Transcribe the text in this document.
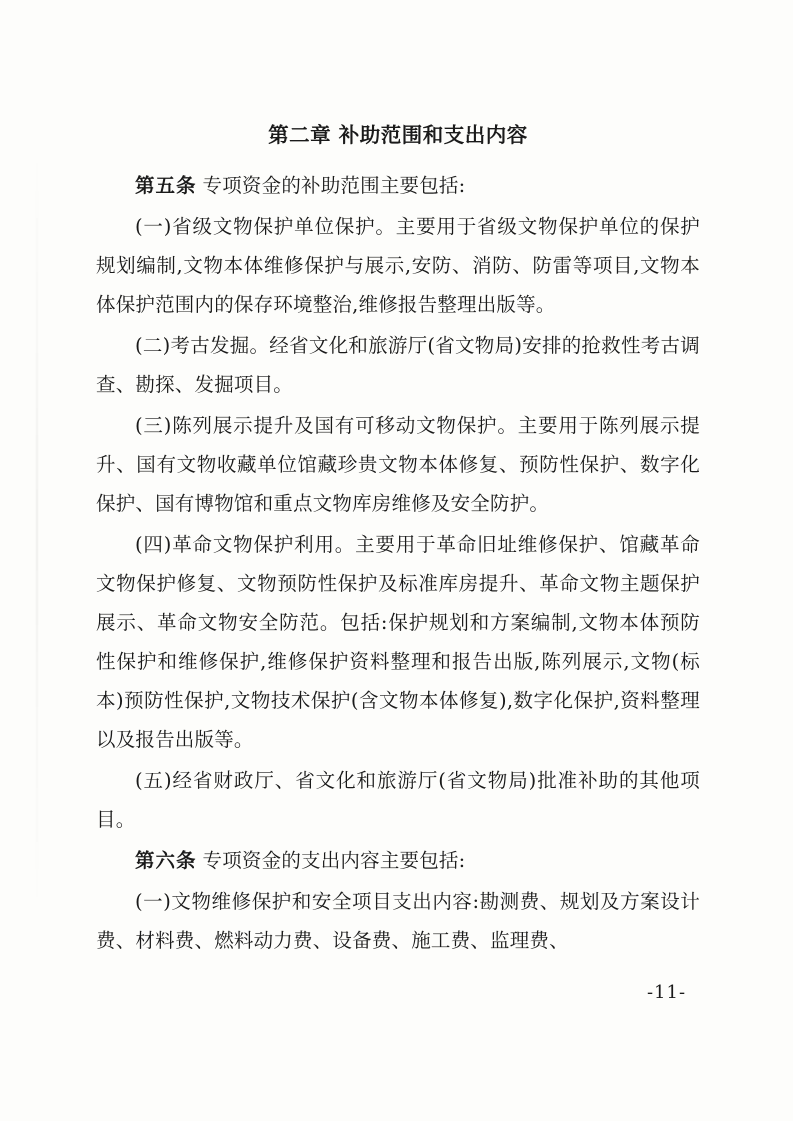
第二章 补助范围和支出内容

第五条 专项资金的补助范围主要包括:

(一)省级文物保护单位保护。主要用于省级文物保护单位的保护规划编制,文物本体维修保护与展示,安防、消防、防雷等项目,文物本体保护范围内的保存环境整治,维修报告整理出版等。

(二)考古发掘。经省文化和旅游厅(省文物局)安排的抢救性考古调查、勘探、发掘项目。

(三)陈列展示提升及国有可移动文物保护。主要用于陈列展示提升、国有文物收藏单位馆藏珍贵文物本体修复、预防性保护、数字化保护、国有博物馆和重点文物库房维修及安全防护。

(四)革命文物保护利用。主要用于革命旧址维修保护、馆藏革命文物保护修复、文物预防性保护及标准库房提升、革命文物主题保护展示、革命文物安全防范。包括:保护规划和方案编制,文物本体预防性保护和维修保护,维修保护资料整理和报告出版,陈列展示,文物(标本)预防性保护,文物技术保护(含文物本体修复),数字化保护,资料整理以及报告出版等。

(五)经省财政厅、省文化和旅游厅(省文物局)批准补助的其他项目。

第六条 专项资金的支出内容主要包括:

(一)文物维修保护和安全项目支出内容:勘测费、规划及方案设计费、材料费、燃料动力费、设备费、施工费、监理费、

-11-
